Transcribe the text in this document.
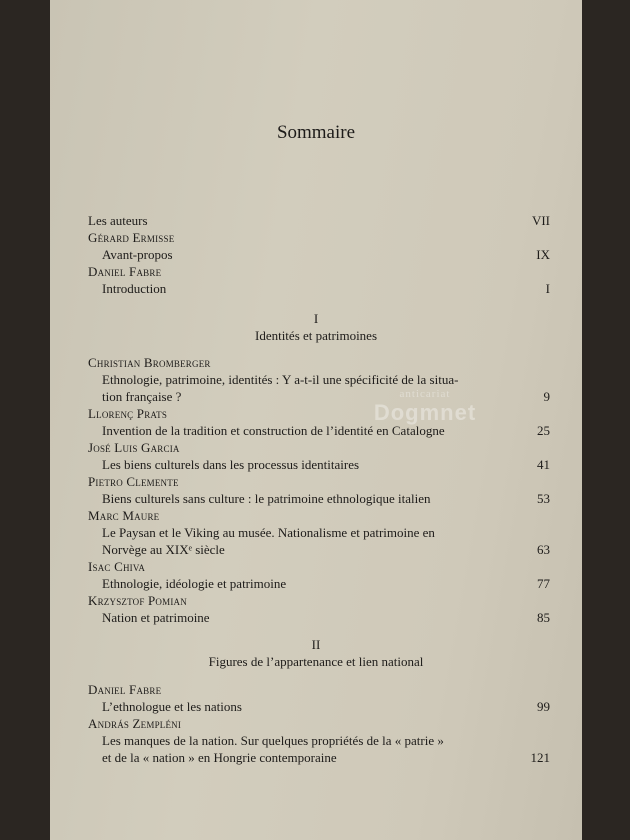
Sommaire
Les auteurs	VII
Gérard Ermisse
Avant-propos	IX
Daniel Fabre
Introduction	I
I
Identités et patrimoines
Christian Bromberger
Ethnologie, patrimoine, identités : Y a-t-il une spécificité de la situa-
tion française ?	9
Llorenç Prats
Invention de la tradition et construction de l’identité en Catalogne	25
José Luis Garcia
Les biens culturels dans les processus identitaires	41
Pietro Clemente
Biens culturels sans culture : le patrimoine ethnologique italien	53
Marc Maure
Le Paysan et le Viking au musée. Nationalisme et patrimoine en
Norvège au XIXᵉ siècle	63
Isac Chiva
Ethnologie, idéologie et patrimoine	77
Krzysztof Pomian
Nation et patrimoine	85
II
Figures de l’appartenance et lien national
Daniel Fabre
L’ethnologue et les nations	99
András Zempléni
Les manques de la nation. Sur quelques propriétés de la « patrie »
et de la « nation » en Hongrie contemporaine	121
anticariat
Dogmnet
